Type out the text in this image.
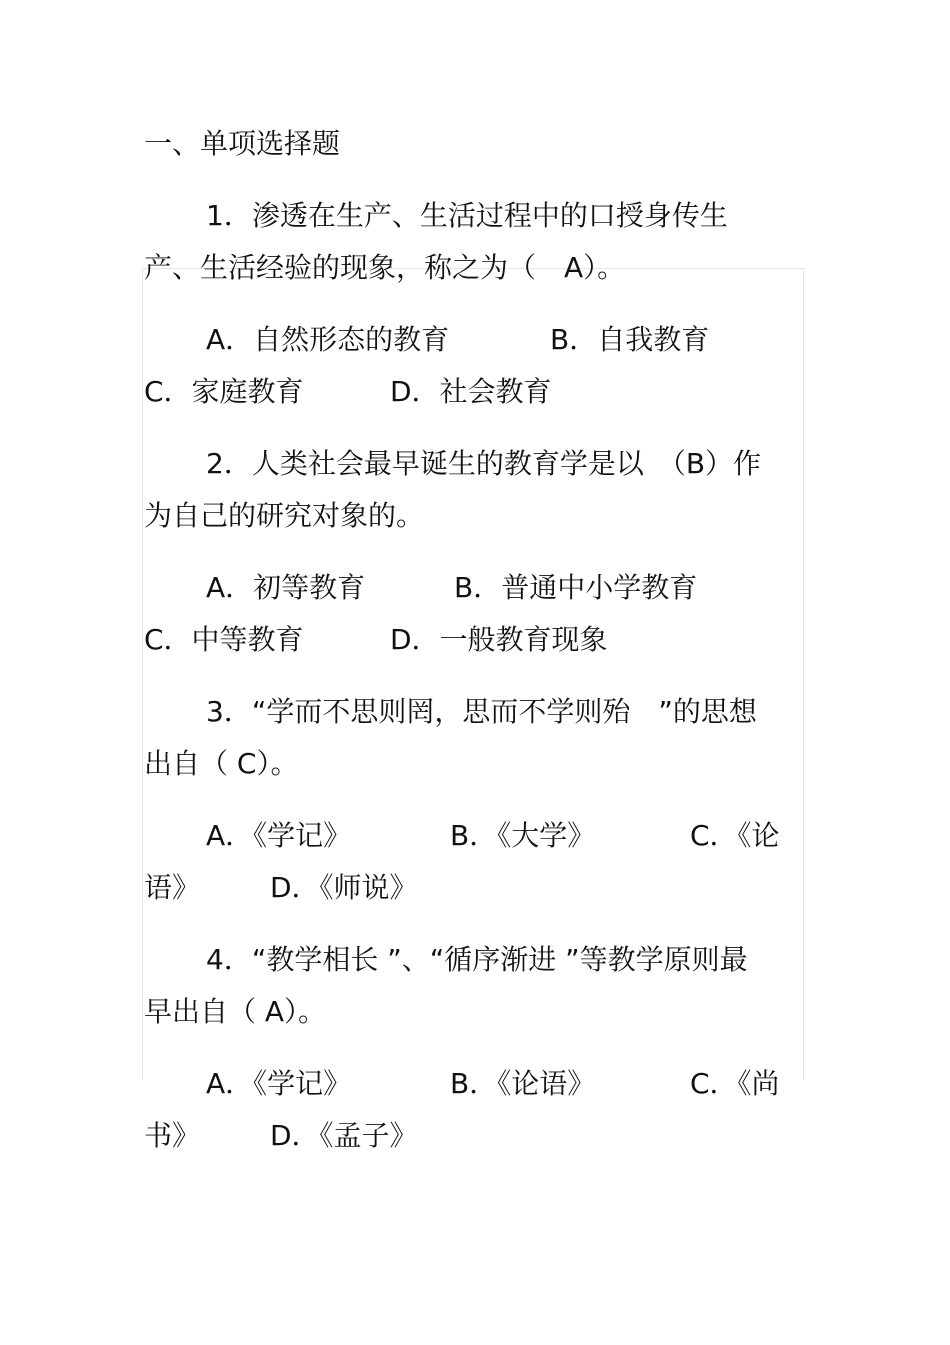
一、单项选择题
1．渗透在生产、生活过程中的口授身传生
产、生活经验的现象，称之为（　A）。
A．自然形态的教育	B．自我教育
C．家庭教育	D．社会教育
2．人类社会最早诞生的教育学是以　（B）作
为自己的研究对象的。
A．初等教育	B．普通中小学教育
C．中等教育	D．一般教育现象
3．“学而不思则罔，思而不学则殆　”的思想
出自（ C）。
A．《学记》	B．《大学》	C．《论
语》 D．《师说》
4．“教学相长 ”、“循序渐进 ”等教学原则最
早出自（ A）。
A．《学记》	B．《论语》	C．《尚
书》 D．《孟子》
